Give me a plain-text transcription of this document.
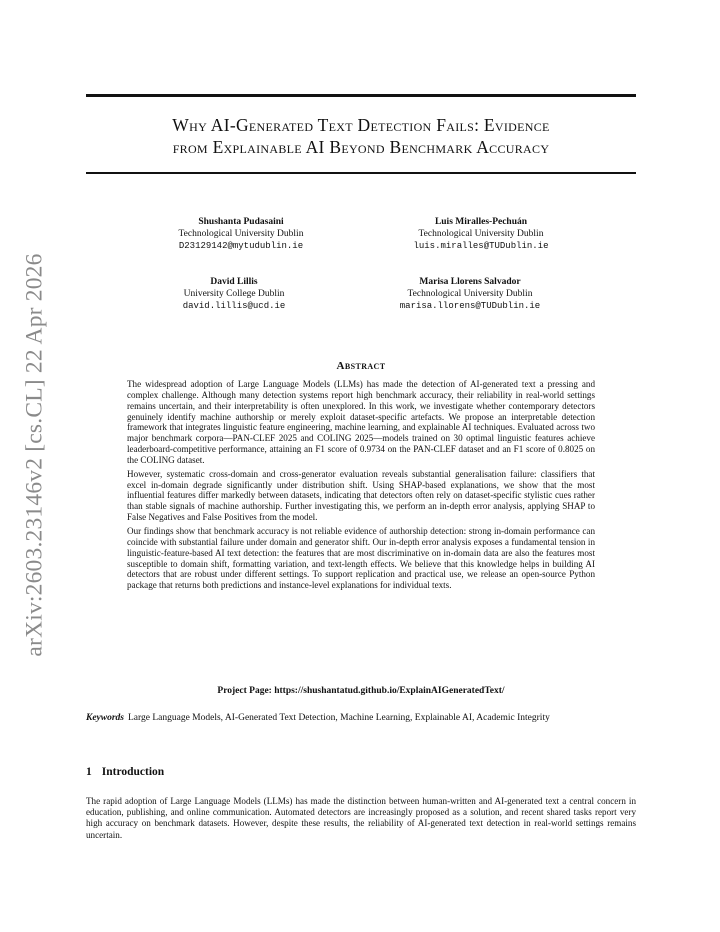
arXiv:2603.23146v2 [cs.CL] 22 Apr 2026
Why AI-Generated Text Detection Fails: Evidence
from Explainable AI Beyond Benchmark Accuracy
Shushanta Pudasaini
Technological University Dublin
D23129142@mytudublin.ie
Luis Miralles-Pechuán
Technological University Dublin
luis.miralles@TUDublin.ie
David Lillis
University College Dublin
david.lillis@ucd.ie
Marisa Llorens Salvador
Technological University Dublin
marisa.llorens@TUDublin.ie
Abstract

The widespread adoption of Large Language Models (LLMs) has made the detection of AI-generated text a pressing and complex challenge. Although many detection systems report high benchmark accuracy, their reliability in real-world settings remains uncertain, and their interpretability is often unexplored. In this work, we investigate whether contemporary detectors genuinely identify machine authorship or merely exploit dataset-specific artefacts. We propose an interpretable detection framework that integrates linguistic feature engineering, machine learning, and explainable AI techniques. Evaluated across two major benchmark corpora—PAN-CLEF 2025 and COLING 2025—models trained on 30 optimal linguistic features achieve leaderboard-competitive performance, attaining an F1 score of 0.9734 on the PAN-CLEF dataset and an F1 score of 0.8025 on the COLING dataset.

However, systematic cross-domain and cross-generator evaluation reveals substantial generalisation failure: classifiers that excel in-domain degrade significantly under distribution shift. Using SHAP-based explanations, we show that the most influential features differ markedly between datasets, indicating that detectors often rely on dataset-specific stylistic cues rather than stable signals of machine authorship. Further investigating this, we perform an in-depth error analysis, applying SHAP to False Negatives and False Positives from the model.

Our findings show that benchmark accuracy is not reliable evidence of authorship detection: strong in-domain performance can coincide with substantial failure under domain and generator shift. Our in-depth error analysis exposes a fundamental tension in linguistic-feature-based AI text detection: the features that are most discriminative on in-domain data are also the features most susceptible to domain shift, formatting variation, and text-length effects. We believe that this knowledge helps in building AI detectors that are robust under different settings. To support replication and practical use, we release an open-source Python package that returns both predictions and instance-level explanations for individual texts.

Project Page: https://shushantatud.github.io/ExplainAIGeneratedText/
Keywords Large Language Models, AI-Generated Text Detection, Machine Learning, Explainable AI, Academic Integrity
1 Introduction
The rapid adoption of Large Language Models (LLMs) has made the distinction between human-written and AI-generated text a central concern in education, publishing, and online communication. Automated detectors are increasingly proposed as a solution, and recent shared tasks report very high accuracy on benchmark datasets. However, despite these results, the reliability of AI-generated text detection in real-world settings remains uncertain.
